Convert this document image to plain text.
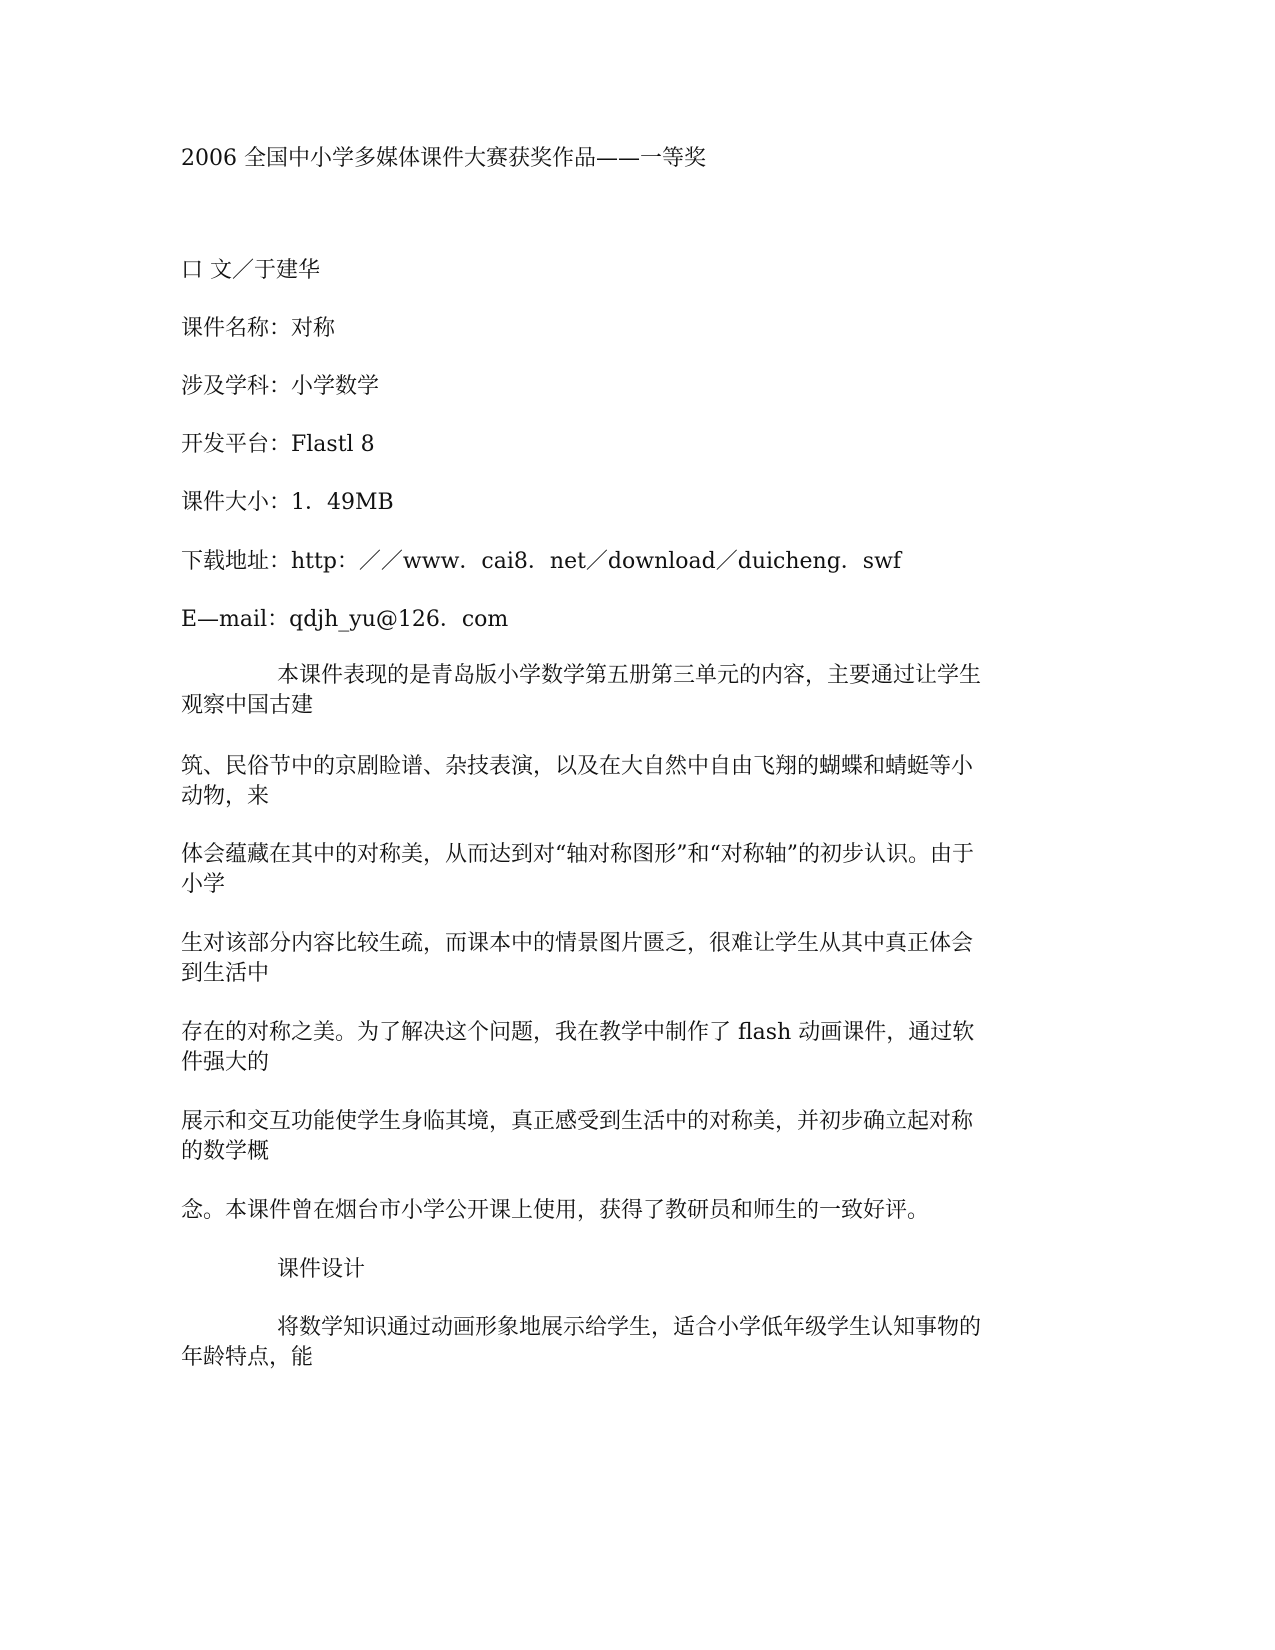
2006 全国中小学多媒体课件大赛获奖作品——一等奖
口 文／于建华
课件名称：对称
涉及学科：小学数学
开发平台：Flastl 8
课件大小：1．49MB
下载地址：http：／／www．cai8．net／download／duicheng．swf
E—mail：qdjh_yu@126．com
本课件表现的是青岛版小学数学第五册第三单元的内容，主要通过让学生
观察中国古建
筑、民俗节中的京剧睑谱、杂技表演，以及在大自然中自由飞翔的蝴蝶和蜻蜓等小
动物，来
体会蕴藏在其中的对称美，从而达到对“轴对称图形”和“对称轴”的初步认识。由于
小学
生对该部分内容比较生疏，而课本中的情景图片匮乏，很难让学生从其中真正体会
到生活中
存在的对称之美。为了解决这个问题，我在教学中制作了 flash 动画课件，通过软
件强大的
展示和交互功能使学生身临其境，真正感受到生活中的对称美，并初步确立起对称
的数学概
念。本课件曾在烟台市小学公开课上使用，获得了教研员和师生的一致好评。
课件设计
将数学知识通过动画形象地展示给学生，适合小学低年级学生认知事物的
年龄特点，能
